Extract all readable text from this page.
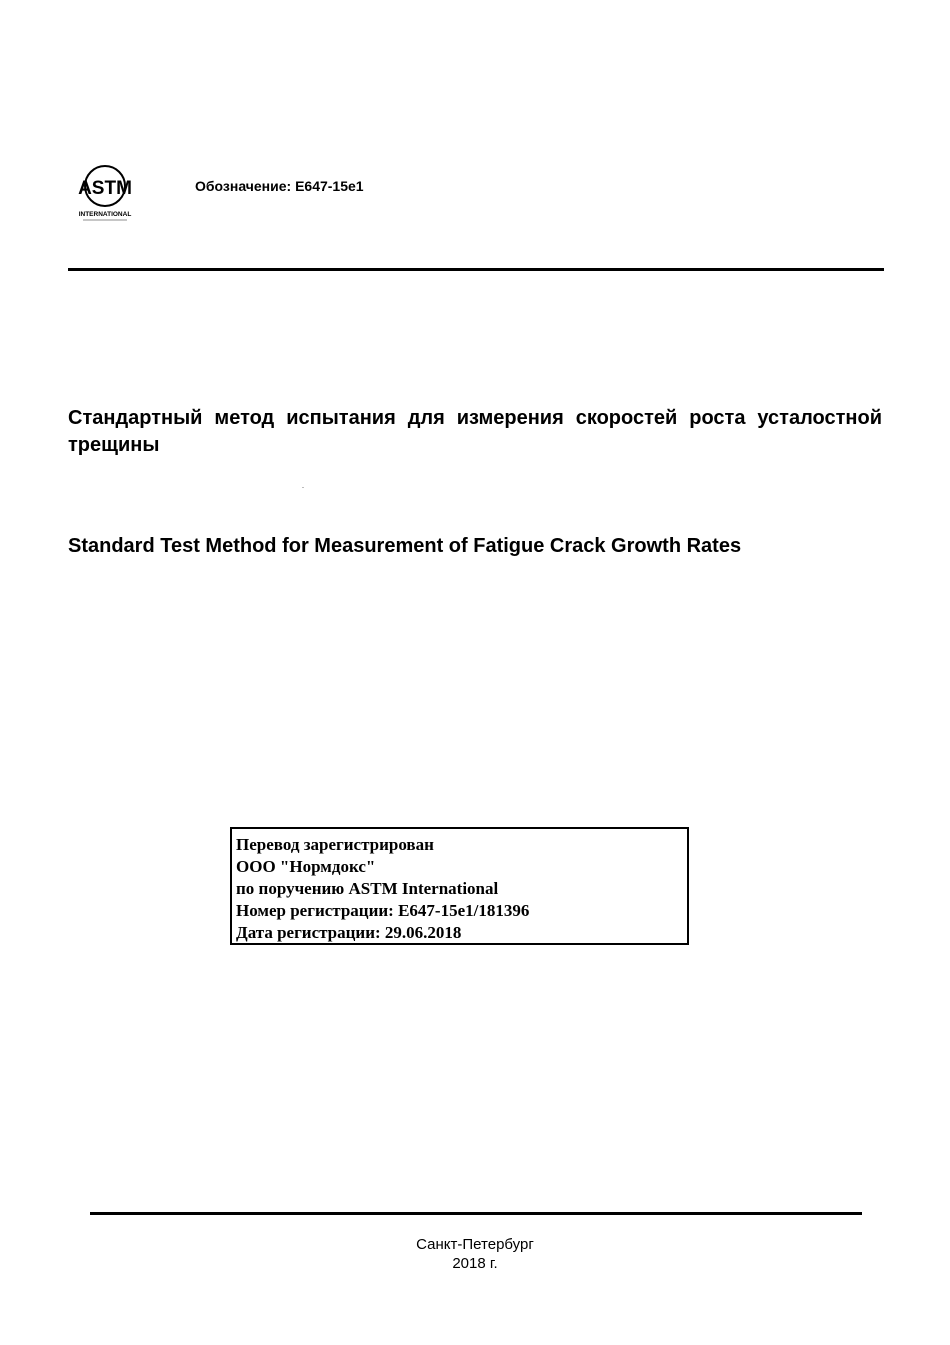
ASTM
INTERNATIONAL
Обозначение: E647-15e1
Стандартный метод испытания для измерения скоростей роста усталостной трещины
Standard Test Method for Measurement of Fatigue Crack Growth Rates
Перевод зарегистрирован
ООО "Нормдокс"
по поручению ASTM International
Номер регистрации: E647-15e1/181396
Дата регистрации: 29.06.2018
Санкт-Петербург
2018 г.
